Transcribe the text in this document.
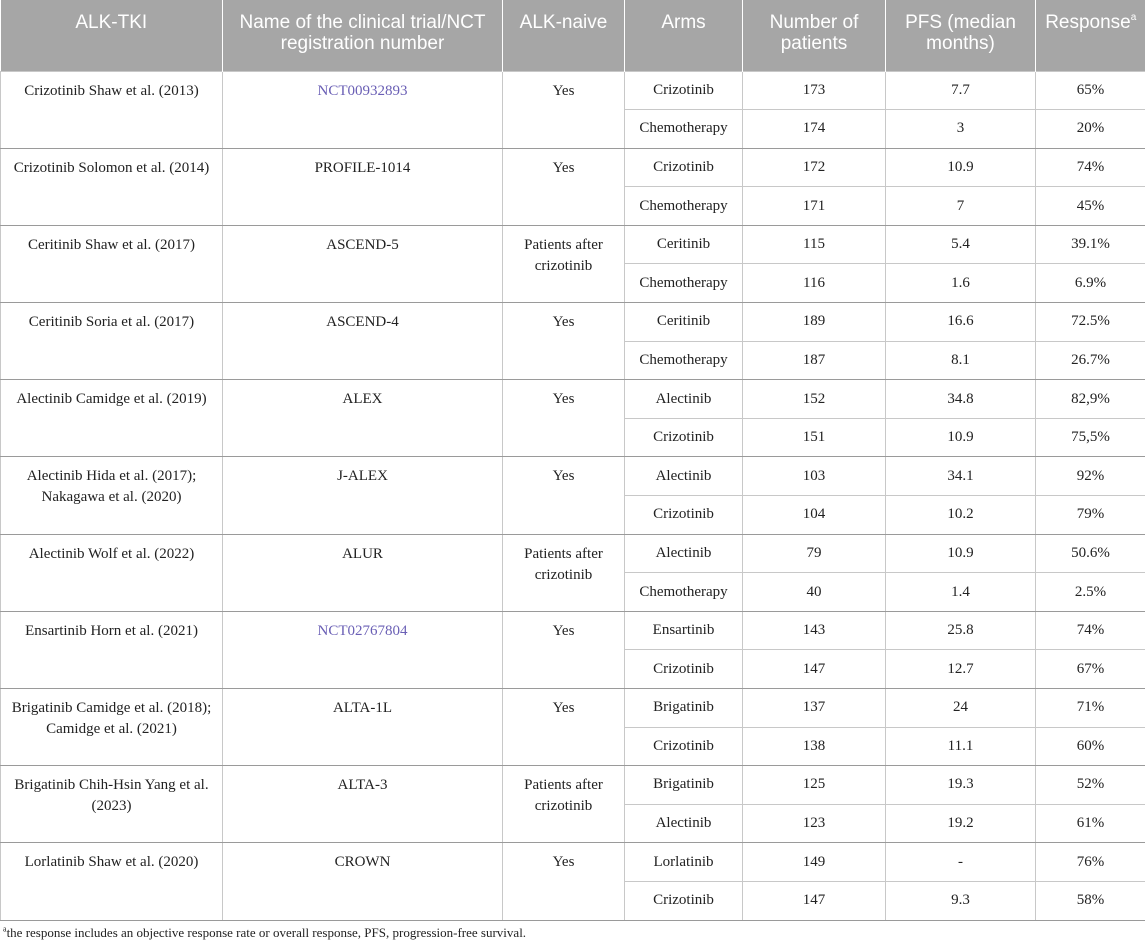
ALK-TKI	Name of the clinical trial/NCT registration number	ALK-naive	Arms	Number of patients	PFS (median months)	Response$^a$
Crizotinib Shaw et al. (2013)	NCT00932893	Yes	Crizotinib	173	7.7	65%
			Chemotherapy	174	3	20%
Crizotinib Solomon et al. (2014)	PROFILE-1014	Yes	Crizotinib	172	10.9	74%
			Chemotherapy	171	7	45%
Ceritinib Shaw et al. (2017)	ASCEND-5	Patients after crizotinib	Ceritinib	115	5.4	39.1%
			Chemotherapy	116	1.6	6.9%
Ceritinib Soria et al. (2017)	ASCEND-4	Yes	Ceritinib	189	16.6	72.5%
			Chemotherapy	187	8.1	26.7%
Alectinib Camidge et al. (2019)	ALEX	Yes	Alectinib	152	34.8	82,9%
			Crizotinib	151	10.9	75,5%
Alectinib Hida et al. (2017); Nakagawa et al. (2020)	J-ALEX	Yes	Alectinib	103	34.1	92%
			Crizotinib	104	10.2	79%
Alectinib Wolf et al. (2022)	ALUR	Patients after crizotinib	Alectinib	79	10.9	50.6%
			Chemotherapy	40	1.4	2.5%
Ensartinib Horn et al. (2021)	NCT02767804	Yes	Ensartinib	143	25.8	74%
			Crizotinib	147	12.7	67%
Brigatinib Camidge et al. (2018); Camidge et al. (2021)	ALTA-1L	Yes	Brigatinib	137	24	71%
			Crizotinib	138	11.1	60%
Brigatinib Chih-Hsin Yang et al. (2023)	ALTA-3	Patients after crizotinib	Brigatinib	125	19.3	52%
			Alectinib	123	19.2	61%
Lorlatinib Shaw et al. (2020)	CROWN	Yes	Lorlatinib	149	-	76%
			Crizotinib	147	9.3	58%
$^a$the response includes an objective response rate or overall response, PFS, progression-free survival.
